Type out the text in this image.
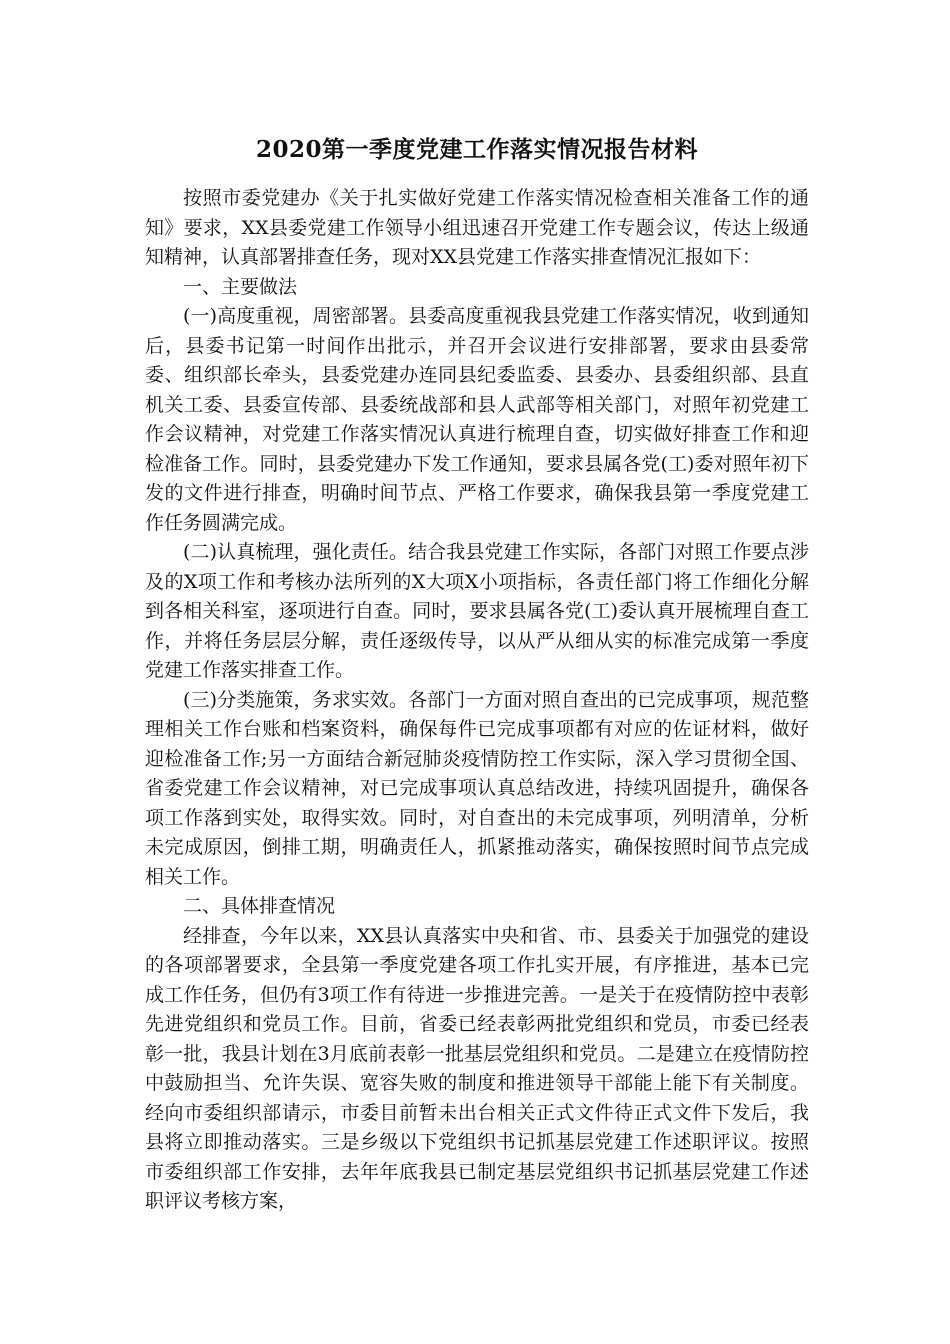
2020第一季度党建工作落实情况报告材料

按照市委党建办《关于扎实做好党建工作落实情况检查相关准备工作的通知》要求，XX县委党建工作领导小组迅速召开党建工作专题会议，传达上级通知精神，认真部署排查任务，现对XX县党建工作落实排查情况汇报如下：

一、主要做法

(一)高度重视，周密部署。县委高度重视我县党建工作落实情况，收到通知后，县委书记第一时间作出批示，并召开会议进行安排部署，要求由县委常委、组织部长牵头，县委党建办连同县纪委监委、县委办、县委组织部、县直机关工委、县委宣传部、县委统战部和县人武部等相关部门，对照年初党建工作会议精神，对党建工作落实情况认真进行梳理自查，切实做好排查工作和迎检准备工作。同时，县委党建办下发工作通知，要求县属各党(工)委对照年初下发的文件进行排查，明确时间节点、严格工作要求，确保我县第一季度党建工作任务圆满完成。

(二)认真梳理，强化责任。结合我县党建工作实际，各部门对照工作要点涉及的X项工作和考核办法所列的X大项X小项指标，各责任部门将工作细化分解到各相关科室，逐项进行自查。同时，要求县属各党(工)委认真开展梳理自查工作，并将任务层层分解，责任逐级传导，以从严从细从实的标准完成第一季度党建工作落实排查工作。

(三)分类施策，务求实效。各部门一方面对照自查出的已完成事项，规范整理相关工作台账和档案资料，确保每件已完成事项都有对应的佐证材料，做好迎检准备工作;另一方面结合新冠肺炎疫情防控工作实际，深入学习贯彻全国、省委党建工作会议精神，对已完成事项认真总结改进，持续巩固提升，确保各项工作落到实处，取得实效。同时，对自查出的未完成事项，列明清单，分析未完成原因，倒排工期，明确责任人，抓紧推动落实，确保按照时间节点完成相关工作。

二、具体排查情况

经排查，今年以来，XX县认真落实中央和省、市、县委关于加强党的建设的各项部署要求，全县第一季度党建各项工作扎实开展，有序推进，基本已完成工作任务，但仍有3项工作有待进一步推进完善。一是关于在疫情防控中表彰先进党组织和党员工作。目前，省委已经表彰两批党组织和党员，市委已经表彰一批，我县计划在3月底前表彰一批基层党组织和党员。二是建立在疫情防控中鼓励担当、允许失误、宽容失败的制度和推进领导干部能上能下有关制度。经向市委组织部请示，市委目前暂未出台相关正式文件待正式文件下发后，我县将立即推动落实。三是乡级以下党组织书记抓基层党建工作述职评议。按照市委组织部工作安排，去年年底我县已制定基层党组织书记抓基层党建工作述职评议考核方案，
